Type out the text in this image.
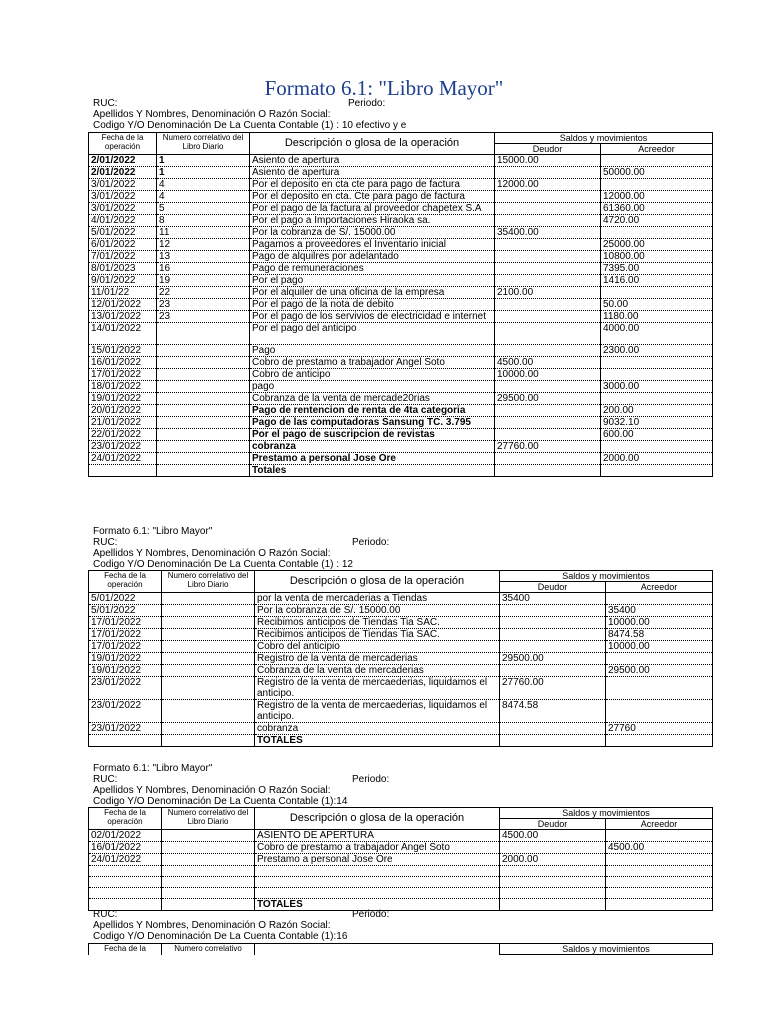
Formato 6.1: "Libro Mayor"
RUC:	Periodo:
Apellidos Y Nombres, Denominación O Razón Social:
Codigo Y/O Denominación De La Cuenta Contable (1) : 10 efectivo y e
Fecha de la operación	Numero correlativo del Libro Diario	Descripción o glosa de la operación	Saldos y movimientos	
			Deudor	Acreedor
2/01/2022	1	Asiento de apertura	15000.00	
2/01/2022	1	Asiento de apertura		50000.00
3/01/2022	4	Por el deposito en cta cte para pago de factura	12000.00	
3/01/2022	4	Por el deposito en cta. Cte para pago de factura		12000.00
3/01/2022	5	Por el pago de la factura al proveedor chapetex S.A		61360.00
4/01/2022	8	Por el pago a Importaciones Hiraoka sa.		4720.00
5/01/2022	11	Por la cobranza de S/. 15000.00	35400.00	
6/01/2022	12	Pagamos a proveedores el Inventario inicial		25000.00
7/01/2022	13	Pago de alquilres por adelantado		10800.00
8/01/2023	16	Pago de remuneraciones		7395.00
9/01/2022	19	Por el pago		1416.00
11/01/22	22	Por el alquiler de una oficina de la empresa	2100.00	
12/01/2022	23	Por el pago de la nota de debito		50.00
13/01/2022	23	Por el pago de los servivios de electricidad e internet		1180.00
14/01/2022		Por el pago del anticipo		4000.00
15/01/2022		Pago		2300.00
16/01/2022		Cobro de prestamo a trabajador Angel Soto	4500.00	
17/01/2022		Cobro de anticipo	10000.00	
18/01/2022		pago		3000.00
19/01/2022		Cobranza de la venta de mercade20rias	29500.00	
20/01/2022		Pago de rentencion de renta de 4ta categoria		200.00
21/01/2022		Pago de las computadoras Sansung TC. 3.795		9032.10
22/01/2022		Por el pago de suscripcion de revistas		600.00
23/01/2022		cobranza	27760.00	
24/01/2022		Prestamo a personal Jose Ore		2000.00
		Totales		
Formato 6.1: "Libro Mayor"
RUC:	Periodo:
Apellidos Y Nombres, Denominación O Razón Social:
Codigo Y/O Denominación De La Cuenta Contable (1) : 12
Fecha de la operación	Numero correlativo del Libro Diario	Descripción o glosa de la operación	Saldos y movimientos	
			Deudor	Acreedor
5/01/2022		por la venta de mercaderias a Tiendas	35400	
5/01/2022		Por la cobranza de S/. 15000.00		35400
17/01/2022		Recibimos anticipos de Tiendas Tia SAC.		10000.00
17/01/2022		Recibimos anticipos de Tiendas Tia SAC.		8474.58
17/01/2022		Cobro del anticipio		10000.00
19/01/2022		Registro de la venta de mercaderias	29500.00	
19/01/2022		Cobranza de la venta de mercaderias		29500.00
23/01/2022		Registro de la venta de mercaederias, liquidamos el anticipo.	27760.00	
23/01/2022		Registro de la venta de mercaederias, liquidamos el anticipo.	8474.58	
23/01/2022		cobranza		27760
		TOTALES		
Formato 6.1: "Libro Mayor"
RUC:	Periodo:
Apellidos Y Nombres, Denominación O Razón Social:
Codigo Y/O Denominación De La Cuenta Contable (1):14
Fecha de la operación	Numero correlativo del Libro Diario	Descripción o glosa de la operación	Saldos y movimientos	
			Deudor	Acreedor
02/01/2022		ASIENTO DE APERTURA	4500.00	
16/01/2022		Cobro de prestamo a trabajador Angel Soto		4500.00
24/01/2022		Prestamo a personal Jose Ore	2000.00	

		TOTALES		
RUC:	Periodo:
Apellidos Y Nombres, Denominación O Razón Social:
Codigo Y/O Denominación De La Cuenta Contable (1):16
Fecha de la	Numero correlativo		Saldos y movimientos
